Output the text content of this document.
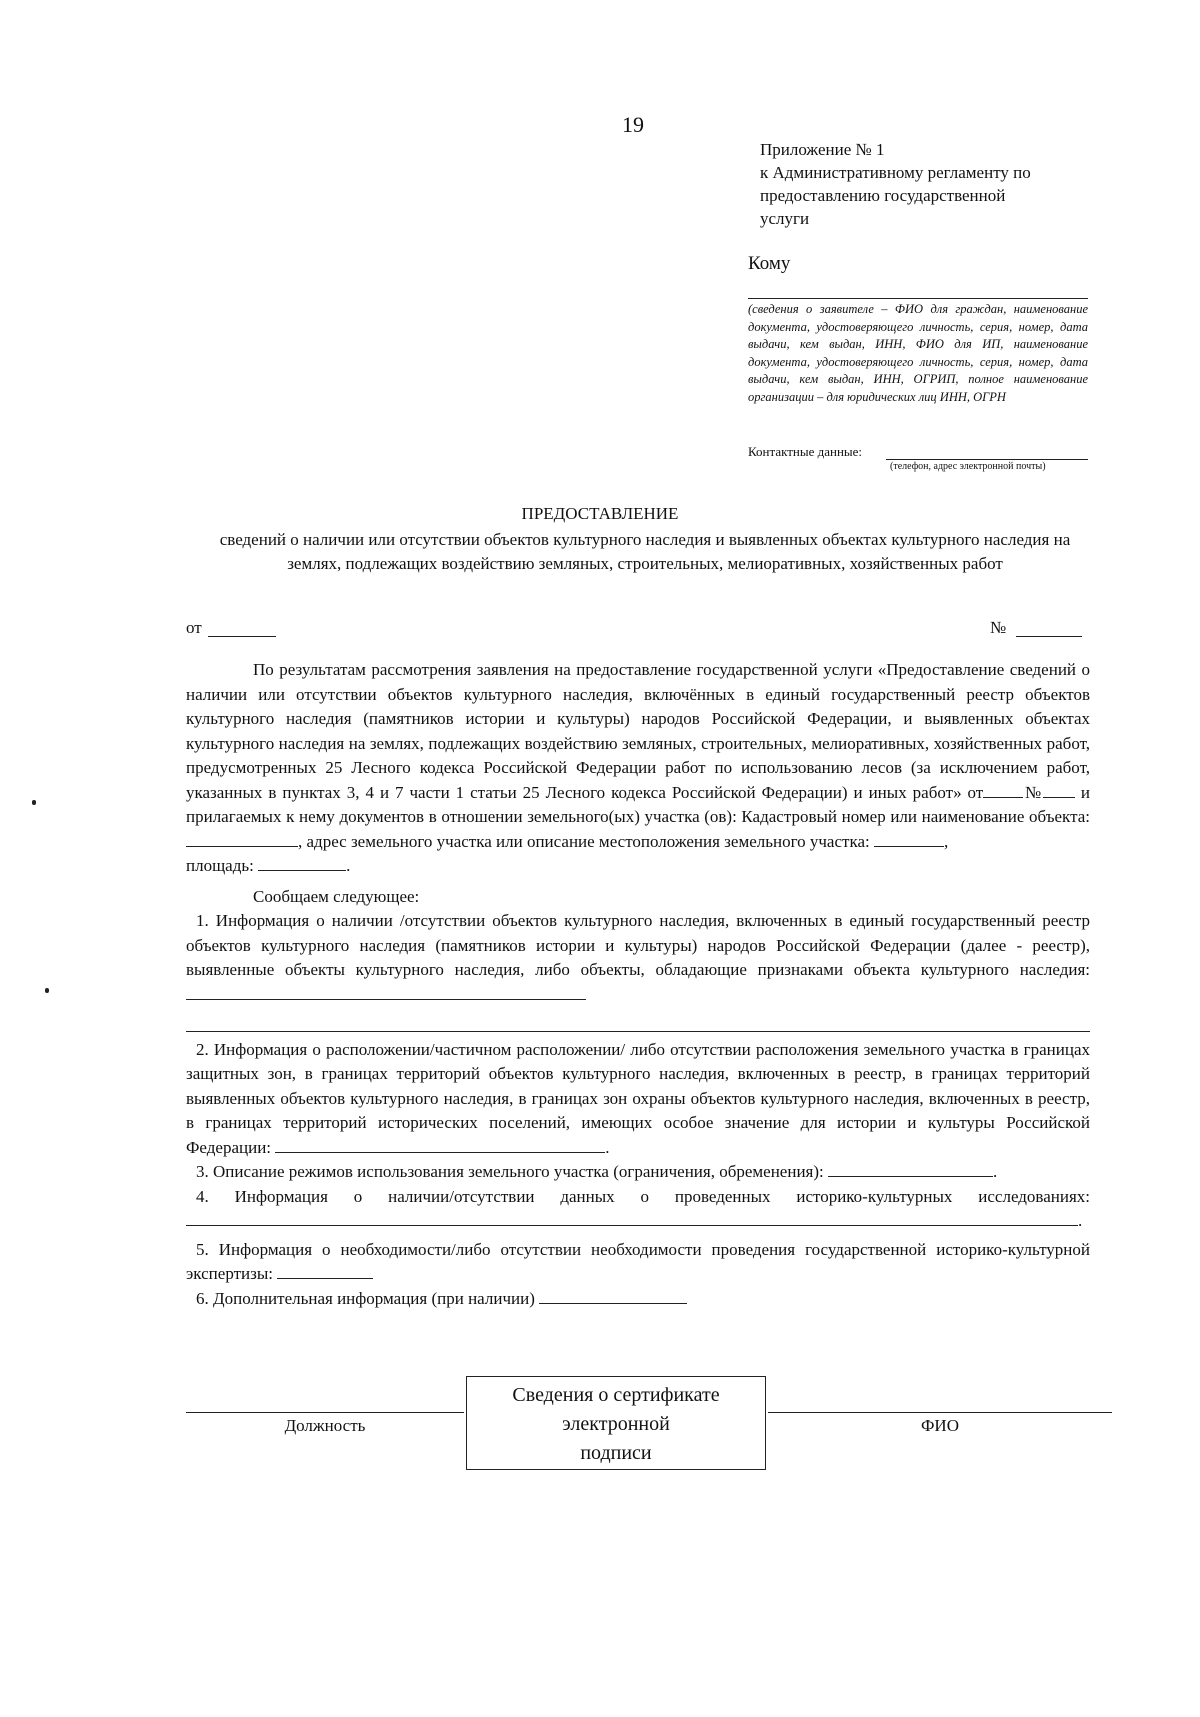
19
Приложение № 1
к Административному регламенту по
предоставлению государственной
услуги
Кому
(сведения о заявителе – ФИО для граждан, наименование документа, удостоверяющего личность, серия, номер, дата выдачи, кем выдан, ИНН, ФИО для ИП, наименование документа, удостоверяющего личность, серия, номер, дата выдачи, кем выдан, ИНН, ОГРИП, полное наименование организации – для юридических лиц ИНН, ОГРН
Контактные данные:
(телефон, адрес электронной почты)
ПРЕДОСТАВЛЕНИЕ
сведений о наличии или отсутствии объектов культурного наследия и выявленных объектах культурного наследия на землях, подлежащих воздействию земляных, строительных, мелиоративных, хозяйственных работ
от	№

По результатам рассмотрения заявления на предоставление государственной услуги «Предоставление сведений о наличии или отсутствии объектов культурного наследия, включённых в единый государственный реестр объектов культурного наследия (памятников истории и культуры) народов Российской Федерации, и выявленных объектах культурного наследия на землях, подлежащих воздействию земляных, строительных, мелиоративных, хозяйственных работ, предусмотренных 25 Лесного кодекса Российской Федерации работ по использованию лесов (за исключением работ, указанных в пунктах 3, 4 и 7 части 1 статьи 25 Лесного кодекса Российской Федерации) и иных работ» от № и прилагаемых к нему документов в отношении земельного(ых) участка (ов): Кадастровый номер или наименование объекта: , адрес земельного участка или описание местоположения земельного участка:	,

площадь:	.

Сообщаем следующее:

1. Информация о наличии /отсутствии объектов культурного наследия, включенных в единый государственный реестр объектов культурного наследия (памятников истории и культуры) народов Российской Федерации (далее - реестр), выявленные объекты культурного наследия, либо объекты, обладающие признаками объекта культурного наследия:

2. Информация о расположении/частичном расположении/ либо отсутствии расположения земельного участка в границах защитных зон, в границах территорий объектов культурного наследия, включенных в реестр, в границах территорий выявленных объектов культурного наследия, в границах зон охраны объектов культурного наследия, включенных в реестр, в границах территорий исторических поселений, имеющих особое значение для истории и культуры Российской Федерации:	.

3. Описание режимов использования земельного участка (ограничения, обременения):	.

4. Информация о наличии/отсутствии данных о проведенных историко-культурных исследованиях: .

5. Информация о необходимости/либо отсутствии необходимости проведения государственной историко-культурной экспертизы:

6. Дополнительная информация (при наличии)

Должность
Сведения о сертификате
электронной
подписи
ФИО
